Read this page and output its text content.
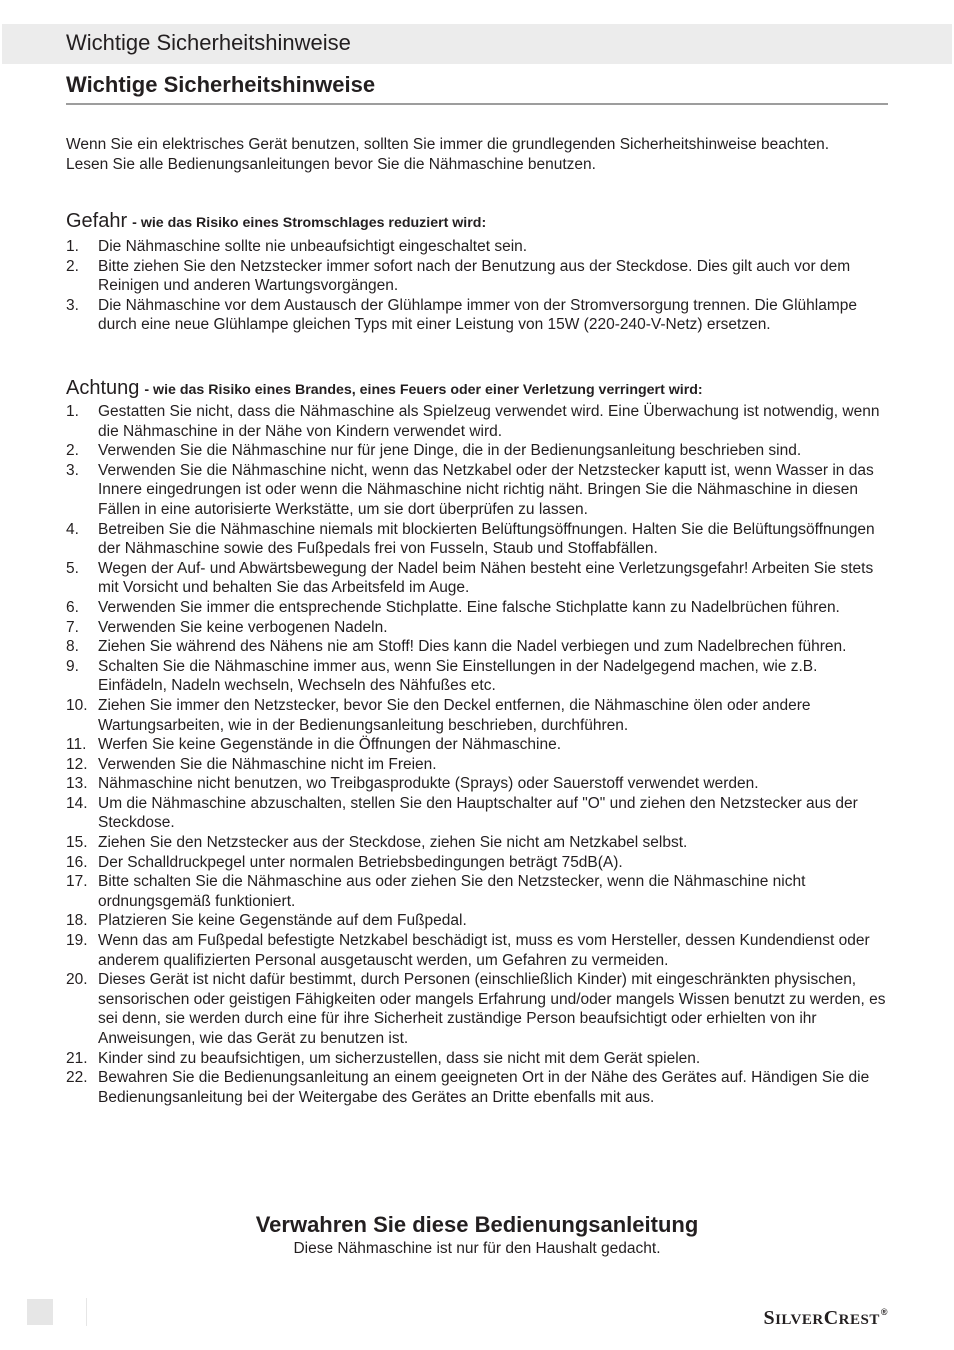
Wichtige Sicherheitshinweise
Wichtige Sicherheitshinweise

Wenn Sie ein elektrisches Gerät benutzen, sollten Sie immer die grundlegenden Sicherheitshinweise beachten.

Lesen Sie alle Bedienungsanleitungen bevor Sie die Nähmaschine benutzen.

Gefahr - wie das Risiko eines Stromschlages reduziert wird:
1. Die Nähmaschine sollte nie unbeaufsichtigt eingeschaltet sein.
2. Bitte ziehen Sie den Netzstecker immer sofort nach der Benutzung aus der Steckdose. Dies gilt auch vor dem Reinigen und anderen Wartungsvorgängen.
3. Die Nähmaschine vor dem Austausch der Glühlampe immer von der Stromversorgung trennen. Die Glühlampe durch eine neue Glühlampe gleichen Typs mit einer Leistung von 15W (220-240-V-Netz) ersetzen.
Achtung - wie das Risiko eines Brandes, eines Feuers oder einer Verletzung verringert wird:
1. Gestatten Sie nicht, dass die Nähmaschine als Spielzeug verwendet wird. Eine Überwachung ist notwendig, wenn die Nähmaschine in der Nähe von Kindern verwendet wird.
2. Verwenden Sie die Nähmaschine nur für jene Dinge, die in der Bedienungsanleitung beschrieben sind.
3. Verwenden Sie die Nähmaschine nicht, wenn das Netzkabel oder der Netzstecker kaputt ist, wenn Wasser in das Innere eingedrungen ist oder wenn die Nähmaschine nicht richtig näht. Bringen Sie die Nähmaschine in diesen Fällen in eine autorisierte Werkstätte, um sie dort überprüfen zu lassen.
4. Betreiben Sie die Nähmaschine niemals mit blockierten Belüftungsöffnungen. Halten Sie die Belüftungsöffnungen der Nähmaschine sowie des Fußpedals frei von Fusseln, Staub und Stoffabfällen.
5. Wegen der Auf- und Abwärtsbewegung der Nadel beim Nähen besteht eine Verletzungsgefahr! Arbeiten Sie stets mit Vorsicht und behalten Sie das Arbeitsfeld im Auge.
6. Verwenden Sie immer die entsprechende Stichplatte. Eine falsche Stichplatte kann zu Nadelbrüchen führen.
7. Verwenden Sie keine verbogenen Nadeln.
8. Ziehen Sie während des Nähens nie am Stoff! Dies kann die Nadel verbiegen und zum Nadelbrechen führen.
9. Schalten Sie die Nähmaschine immer aus, wenn Sie Einstellungen in der Nadelgegend machen, wie z.B. Einfädeln, Nadeln wechseln, Wechseln des Nähfußes etc.
10. Ziehen Sie immer den Netzstecker, bevor Sie den Deckel entfernen, die Nähmaschine ölen oder andere Wartungsarbeiten, wie in der Bedienungsanleitung beschrieben, durchführen.
11. Werfen Sie keine Gegenstände in die Öffnungen der Nähmaschine.
12. Verwenden Sie die Nähmaschine nicht im Freien.
13. Nähmaschine nicht benutzen, wo Treibgasprodukte (Sprays) oder Sauerstoff verwendet werden.
14. Um die Nähmaschine abzuschalten, stellen Sie den Hauptschalter auf "O" und ziehen den Netzstecker aus der Steckdose.
15. Ziehen Sie den Netzstecker aus der Steckdose, ziehen Sie nicht am Netzkabel selbst.
16. Der Schalldruckpegel unter normalen Betriebsbedingungen beträgt 75dB(A).
17. Bitte schalten Sie die Nähmaschine aus oder ziehen Sie den Netzstecker, wenn die Nähmaschine nicht ordnungsgemäß funktioniert.
18. Platzieren Sie keine Gegenstände auf dem Fußpedal.
19. Wenn das am Fußpedal befestigte Netzkabel beschädigt ist, muss es vom Hersteller, dessen Kundendienst oder anderem qualifizierten Personal ausgetauscht werden, um Gefahren zu vermeiden.
20. Dieses Gerät ist nicht dafür bestimmt, durch Personen (einschließlich Kinder) mit eingeschränkten physischen, sensorischen oder geistigen Fähigkeiten oder mangels Erfahrung und/oder mangels Wissen benutzt zu werden, es sei denn, sie werden durch eine für ihre Sicherheit zuständige Person beaufsichtigt oder erhielten von ihr Anweisungen, wie das Gerät zu benutzen ist.
21. Kinder sind zu beaufsichtigen, um sicherzustellen, dass sie nicht mit dem Gerät spielen.
22. Bewahren Sie die Bedienungsanleitung an einem geeigneten Ort in der Nähe des Gerätes auf. Händigen Sie die Bedienungsanleitung bei der Weitergabe des Gerätes an Dritte ebenfalls mit aus.
Verwahren Sie diese Bedienungsanleitung
Diese Nähmaschine ist nur für den Haushalt gedacht.
SILVERCREST®
